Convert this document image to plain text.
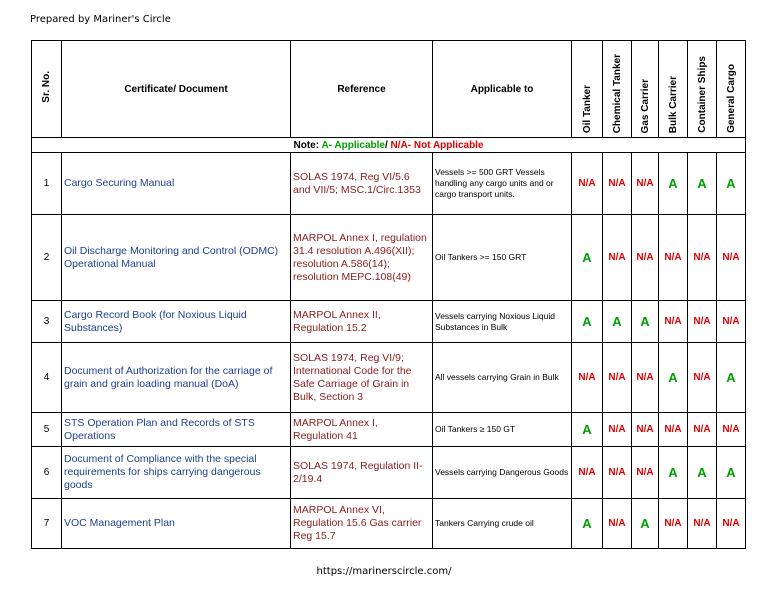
Prepared by Mariner's Circle
Sr. No.	Certificate/ Document	Reference	Applicable to	Oil Tanker	Chemical Tanker	Gas Carrier	Bulk Carrier	Container Ships	General Cargo

Note: A- Applicable/ N/A- Not Applicable									
1	Cargo Securing Manual	SOLAS 1974, Reg VI/5.6 and VII/5; MSC.1/Circ.1353	Vessels >= 500 GRT Vessels handling any cargo units and or cargo transport units.	N/A	N/A	N/A	A	A	A
2	Oil Discharge Monitoring and Control (ODMC) Operational Manual	MARPOL Annex I, regulation 31.4 resolution A.496(XII); resolution A.586(14); resolution MEPC.108(49)	Oil Tankers >= 150 GRT	A	N/A	N/A	N/A	N/A	N/A
3	Cargo Record Book (for Noxious Liquid Substances)	MARPOL Annex II, Regulation 15.2	Vessels carrying Noxious Liquid Substances in Bulk	A	A	A	N/A	N/A	N/A
4	Document of Authorization for the carriage of grain and grain loading manual (DoA)	SOLAS 1974, Reg VI/9; International Code for the Safe Carriage of Grain in Bulk, Section 3	All vessels carrying Grain in Bulk	N/A	N/A	N/A	A	N/A	A
5	STS Operation Plan and Records of STS Operations	MARPOL Annex I, Regulation 41	Oil Tankers ≥ 150 GT	A	N/A	N/A	N/A	N/A	N/A
6	Document of Compliance with the special requirements for ships carrying dangerous goods	SOLAS 1974, Regulation II-2/19.4	Vessels carrying Dangerous Goods	N/A	N/A	N/A	A	A	A
7	VOC Management Plan	MARPOL Annex VI, Regulation 15.6 Gas carrier Reg 15.7	Tankers Carrying crude oil	A	N/A	A	N/A	N/A	N/A
https://marinerscircle.com/
